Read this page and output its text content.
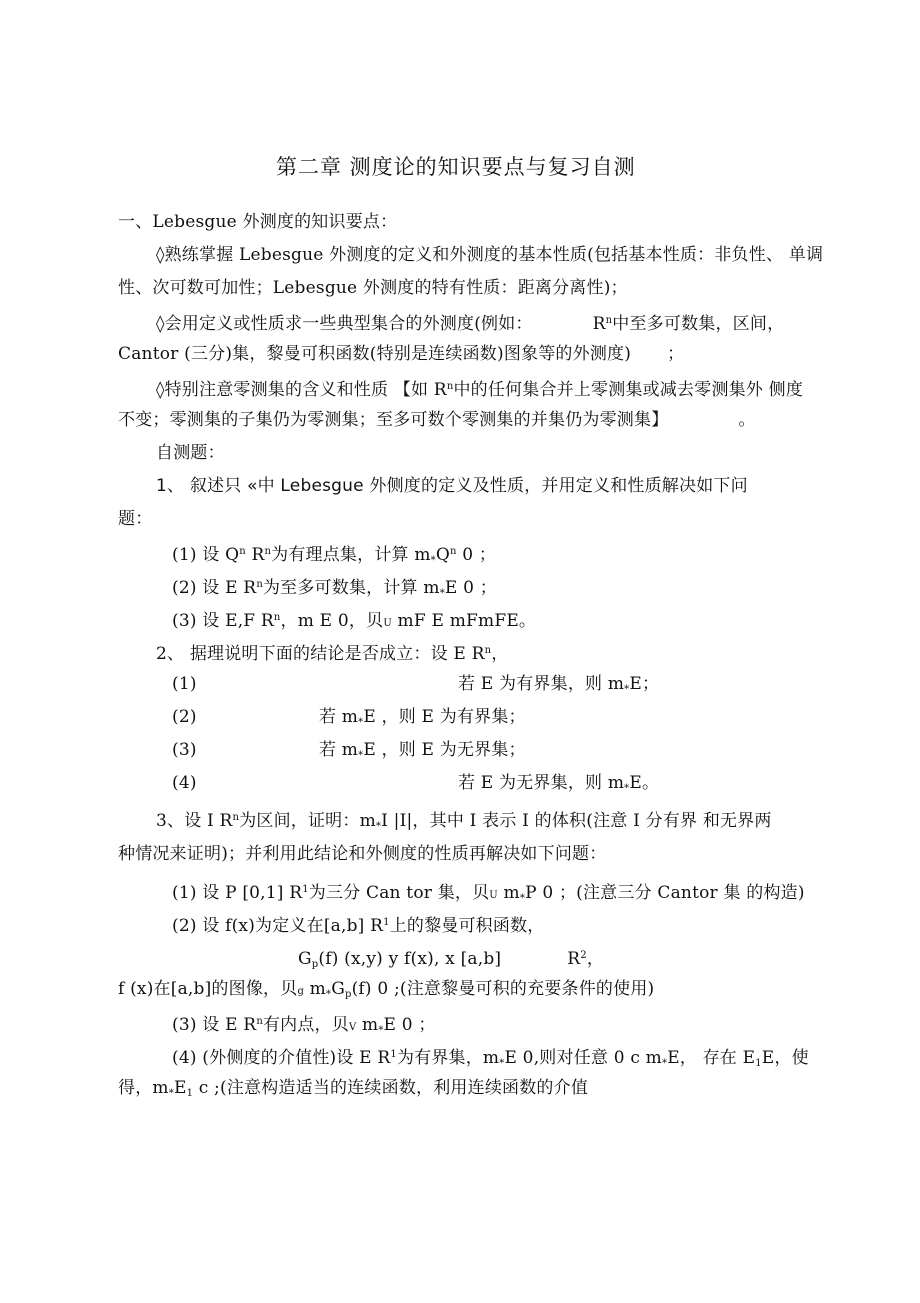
第二章 测度论的知识要点与复习自测
一、Lebesgue 外测度的知识要点：
◊熟练掌握 Lebesgue 外测度的定义和外测度的基本性质(包括基本性质：非负性、 单调
性、次可数可加性；Lebesgue 外测度的特有性质：距离分离性)；
◊会用定义或性质求一些典型集合的外测度(例如：	$R^n$中至多可数集，区间，
Cantor (三分)集，黎曼可积函数(特别是连续函数)图象等的外测度) ；
◊特别注意零测集的含义和性质 【如 $R^n$中的任何集合并上零测集或减去零测集外 侧度
不变；零测集的子集仍为零测集；至多可数个零测集的并集仍为零测集】	。
自测题：
1、 叙述只 «中 Lebesgue 外侧度的定义及性质，并用定义和性质解决如下问
题：
(1) 设 $Q^n$ $R^n$为有理点集，计算 $m_*Q^n$ 0 ；
(2) 设 E $R^n$为至多可数集，计算 $m_*E$ 0 ；
(3) 设 E,F $R^n$，m E 0，贝U mF E mFmFE。
2、 据理说明下面的结论是否成立：设 E $R^n$，
(1)	若 E 为有界集，则 $m_*E$；
(2)	若 $m_*E$ ，则 E 为有界集；
(3)	若 $m_*E$ ，则 E 为无界集；
(4)	若 E 为无界集，则 $m_*E$。
3、设 I $R^n$为区间，证明：$m_*I$ |I|，其中 I 表示 I 的体积(注意 I 分有界 和无界两
种情况来证明)；并利用此结论和外侧度的性质再解决如下问题：
(1) 设 P [0,1] $R^1$为三分 Can tor 集，贝U $m_*P$ 0 ；(注意三分 Cantor 集 的构造)
(2) 设 f(x)为定义在[a,b] $R^1$上的黎曼可积函数，
$G_p(f)$ (x,y) y f(x), x [a,b]	$R^2$，
f (x)在[a,b]的图像，贝g $m_*G_p(f)$ 0 ;(注意黎曼可积的充要条件的使用)
(3) 设 E $R^n$有内点，贝V $m_*E$ 0 ；
(4) (外侧度的介值性)设 E $R^1$为有界集，$m_*E$ 0,则对任意 0 c $m_*E$， 存在 $E_1E$，使
得，$m_*E_1$ c ;(注意构造适当的连续函数，利用连续函数的介值
